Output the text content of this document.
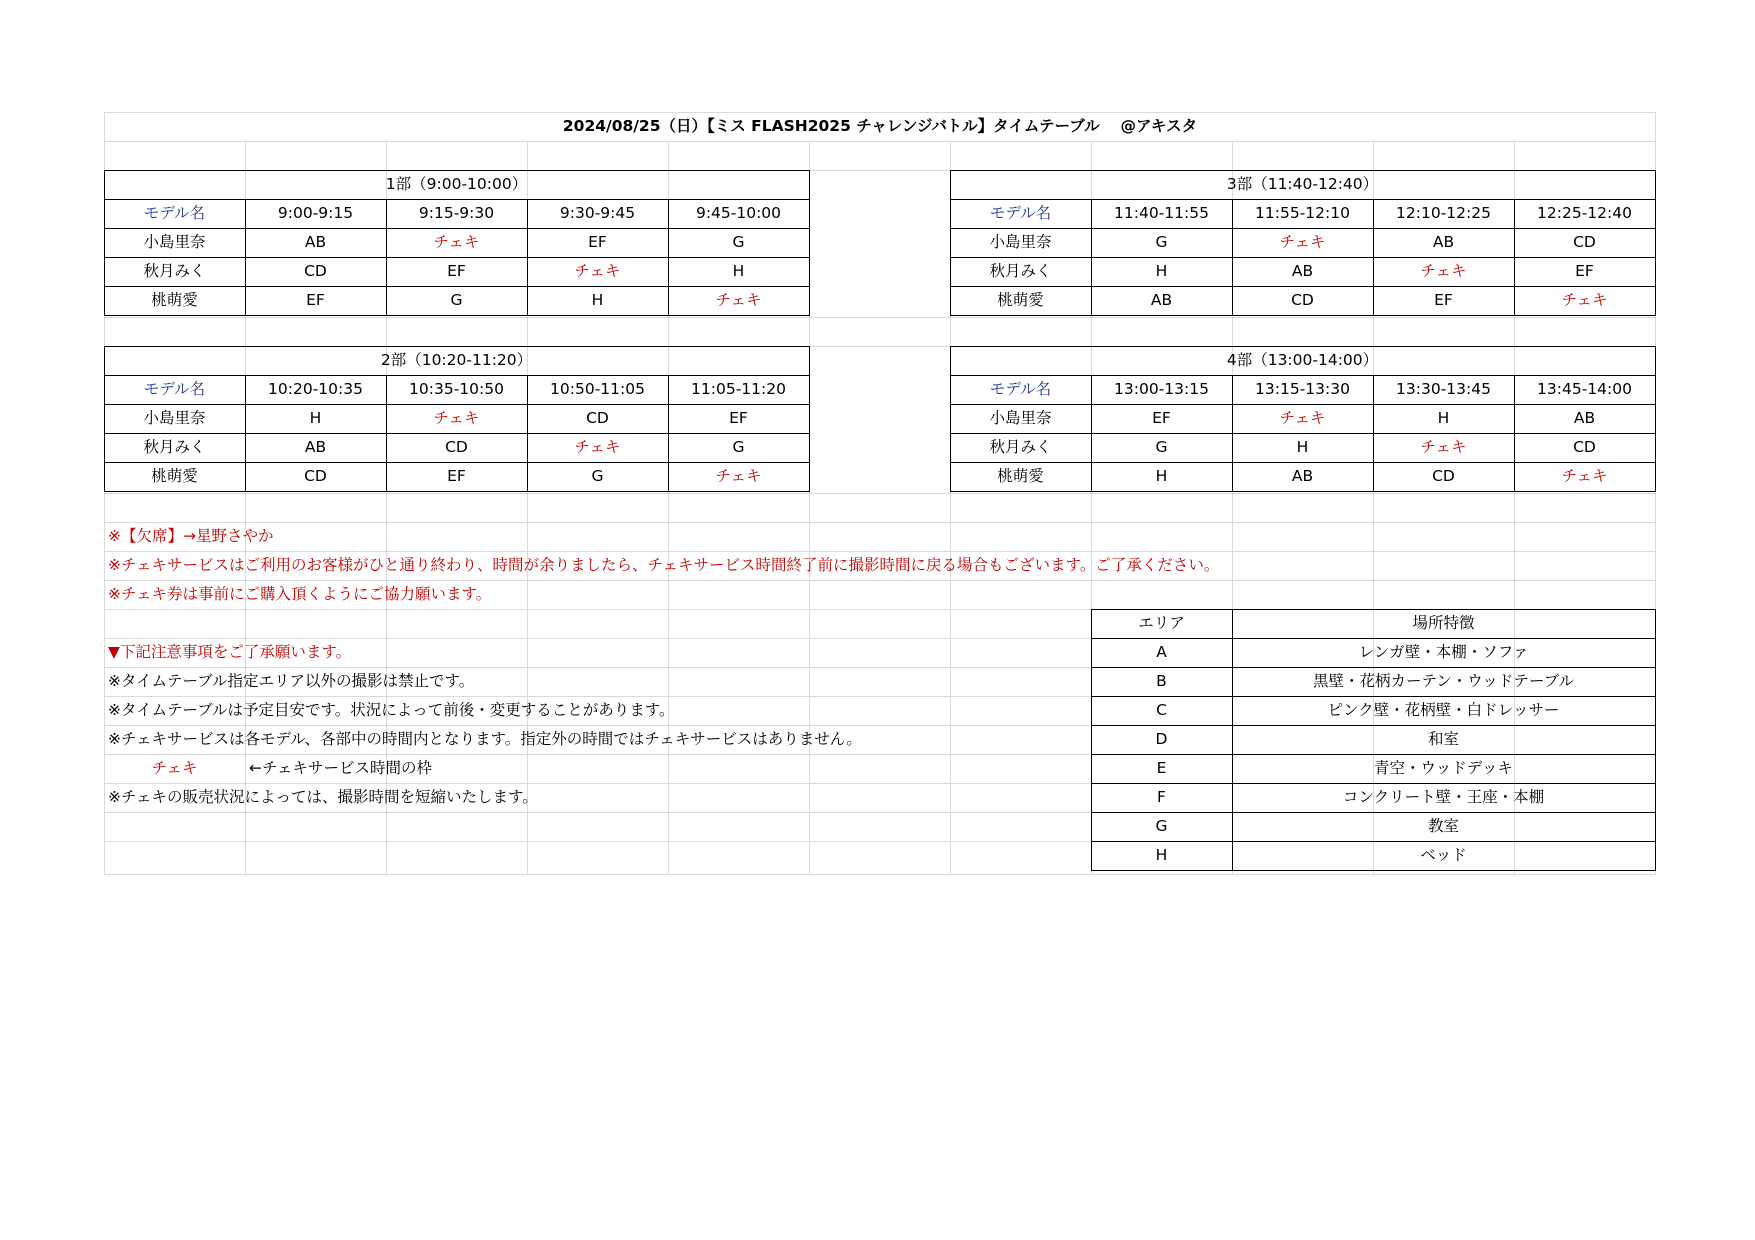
2024/08/25（日）【ミス FLASH2025 チャレンジバトル】タイムテーブル　 @アキスタ
1部（9:00-10:00）
モデル名	9:00-9:15	9:15-9:30	9:30-9:45	9:45-10:00
小島里奈	AB	チェキ	EF	G
秋月みく	CD	EF	チェキ	H
桃萌愛	EF	G	H	チェキ
3部（11:40-12:40）
モデル名	11:40-11:55	11:55-12:10	12:10-12:25	12:25-12:40
小島里奈	G	チェキ	AB	CD
秋月みく	H	AB	チェキ	EF
桃萌愛	AB	CD	EF	チェキ
2部（10:20-11:20）
モデル名	10:20-10:35	10:35-10:50	10:50-11:05	11:05-11:20
小島里奈	H	チェキ	CD	EF
秋月みく	AB	CD	チェキ	G
桃萌愛	CD	EF	G	チェキ
4部（13:00-14:00）
モデル名	13:00-13:15	13:15-13:30	13:30-13:45	13:45-14:00
小島里奈	EF	チェキ	H	AB
秋月みく	G	H	チェキ	CD
桃萌愛	H	AB	CD	チェキ
※【欠席】→星野さやか
※チェキサービスはご利用のお客様がひと通り終わり、時間が余りましたら、チェキサービス時間終了前に撮影時間に戻る場合もございます。ご了承ください。
※チェキ券は事前にご購入頂くようにご協力願います。
▼下記注意事項をご了承願います。
※タイムテーブル指定エリア以外の撮影は禁止です。
※タイムテーブルは予定目安です。状況によって前後・変更することがあります。
※チェキサービスは各モデル、各部中の時間内となります。指定外の時間ではチェキサービスはありません。
チェキ	←チェキサービス時間の枠
※チェキの販売状況によっては、撮影時間を短縮いたします。
エリア	場所特徴
A	レンガ壁・本棚・ソファ
B	黒壁・花柄カーテン・ウッドテーブル
C	ピンク壁・花柄壁・白ドレッサー
D	和室
E	青空・ウッドデッキ
F	コンクリート壁・王座・本棚
G	教室
H	ベッド
